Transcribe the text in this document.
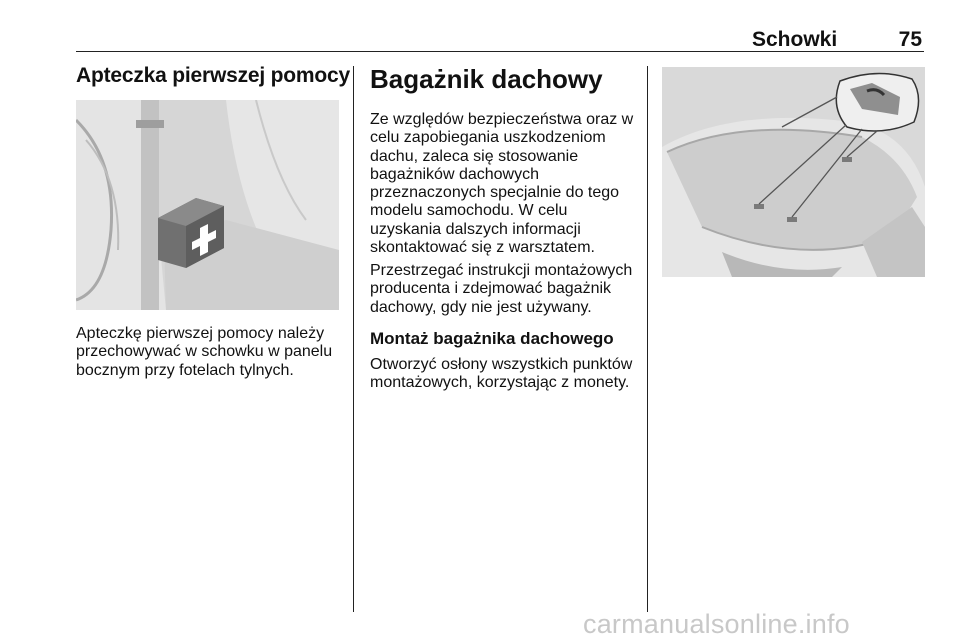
Schowki	75
Apteczka pierwszej pomocy
Apteczkę pierwszej pomocy należy
przechowywać w schowku w panelu
bocznym przy fotelach tylnych.
Bagażnik dachowy
Ze względów bezpieczeństwa oraz w
celu zapobiegania uszkodzeniom
dachu, zaleca się stosowanie
bagażników dachowych
przeznaczonych specjalnie do tego
modelu samochodu. W celu
uzyskania dalszych informacji
skontaktować się z warsztatem.
Przestrzegać instrukcji montażowych
producenta i zdejmować bagażnik
dachowy, gdy nie jest używany.
Montaż bagażnika dachowego
Otworzyć osłony wszystkich punktów
montażowych, korzystając z monety.
carmanualsonline.info
